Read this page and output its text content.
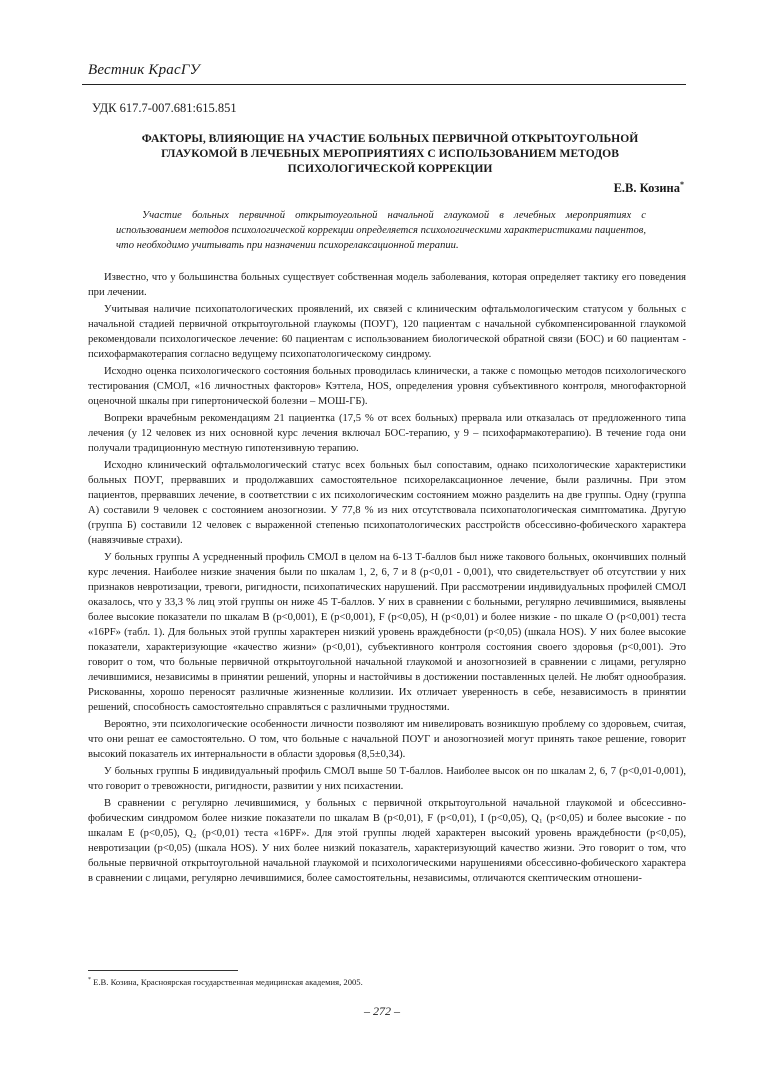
Вестник КрасГУ
УДК 617.7-007.681:615.851
ФАКТОРЫ, ВЛИЯЮЩИЕ НА УЧАСТИЕ БОЛЬНЫХ ПЕРВИЧНОЙ ОТКРЫТОУГОЛЬНОЙ ГЛАУКОМОЙ В ЛЕЧЕБНЫХ МЕРОПРИЯТИЯХ С ИСПОЛЬЗОВАНИЕМ МЕТОДОВ ПСИХОЛОГИЧЕСКОЙ КОРРЕКЦИИ
Е.В. Козина*
Участие больных первичной открытоугольной начальной глаукомой в лечебных мероприятиях с использованием методов психологической коррекции определяется психологическими характеристиками пациентов, что необходимо учитывать при назначении психорелаксационной терапии.

Известно, что у большинства больных существует собственная модель заболевания, которая определяет тактику его поведения при лечении.

Учитывая наличие психопатологических проявлений, их связей с клиническим офтальмологическим статусом у больных с начальной стадией первичной открытоугольной глаукомы (ПОУГ), 120 пациентам с начальной субкомпенсированной глаукомой рекомендовали психологическое лечение: 60 пациентам с использованием биологической обратной связи (БОС) и 60 пациентам - психофармакотерапия согласно ведущему психопатологическому синдрому.

Исходно оценка психологического состояния больных проводилась клинически, а также с помощью методов психологического тестирования (СМОЛ, «16 личностных факторов» Кэттела, HOS, определения уровня субъективного контроля, многофакторной оценочной шкалы при гипертонической болезни – МОШ-ГБ).

Вопреки врачебным рекомендациям 21 пациентка (17,5 % от всех больных) прервала или отказалась от предложенного типа лечения (у 12 человек из них основной курс лечения включал БОС-терапию, у 9 – психофармакотерапию). В течение года они получали традиционную местную гипотензивную терапию.

Исходно клинический офтальмологический статус всех больных был сопоставим, однако психологические характеристики больных ПОУГ, прервавших и продолжавших самостоятельное психорелаксационное лечение, были различны. При этом пациентов, прервавших лечение, в соответствии с их психологическим состоянием можно разделить на две группы. Одну (группа А) составили 9 человек с состоянием анозогнозии. У 77,8 % из них отсутствовала психопатологическая симптоматика. Другую (группа Б) составили 12 человек с выраженной степенью психопатологических расстройств обсессивно-фобического характера (навязчивые страхи).

У больных группы А усредненный профиль СМОЛ в целом на 6-13 Т-баллов был ниже такового больных, окончивших полный курс лечения. Наиболее низкие значения были по шкалам 1, 2, 6, 7 и 8 (р<0,01 - 0,001), что свидетельствует об отсутствии у них признаков невротизации, тревоги, ригидности, психопатических нарушений. При рассмотрении индивидуальных профилей СМОЛ оказалось, что у 33,3 % лиц этой группы он ниже 45 Т-баллов. У них в сравнении с больными, регулярно лечившимися, выявлены более высокие показатели по шкалам В (р<0,001), Е (р<0,001), F (р<0,05), Н (р<0,01) и более низкие - по шкале О (р<0,001) теста «16PF» (табл. 1). Для больных этой группы характерен низкий уровень враждебности (р<0,05) (шкала HOS). У них более высокие показатели, характеризующие «качество жизни» (р<0,01), субъективного контроля состояния своего здоровья (р<0,001). Это говорит о том, что больные первичной открытоугольной начальной глаукомой и анозогнозией в сравнении с лицами, регулярно лечившимися, независимы в принятии решений, упорны и настойчивы в достижении поставленных целей. Не любят однообразия. Рискованны, хорошо переносят различные жизненные коллизии. Их отличает уверенность в себе, независимость в принятии решений, способность самостоятельно справляться с различными трудностями.

Вероятно, эти психологические особенности личности позволяют им нивелировать возникшую проблему со здоровьем, считая, что они решат ее самостоятельно. О том, что больные с начальной ПОУГ и анозогнозией могут принять такое решение, говорит высокий показатель их интернальности в области здоровья (8,5±0,34).

У больных группы Б индивидуальный профиль СМОЛ выше 50 Т-баллов. Наиболее высок он по шкалам 2, 6, 7 (р<0,01-0,001), что говорит о тревожности, ригидности, развитии у них психастении.

В сравнении с регулярно лечившимися, у больных с первичной открытоугольной начальной глаукомой и обсессивно-фобическим синдромом более низкие показатели по шкалам В (р<0,01), F (р<0,01), I (р<0,05), Q₁ (р<0,05) и более высокие - по шкалам Е (р<0,05), Q₂ (р<0,01) теста «16PF». Для этой группы людей характерен высокий уровень враждебности (р<0,05), невротизации (р<0,05) (шкала HOS). У них более низкий показатель, характеризующий качество жизни. Это говорит о том, что больные первичной открытоугольной начальной глаукомой и психологическими нарушениями обсессивно-фобического характера в сравнении с лицами, регулярно лечившимися, более самостоятельны, независимы, отличаются скептическим отношени-

* Е.В. Козина, Красноярская государственная медицинская академия, 2005.
– 272 –
